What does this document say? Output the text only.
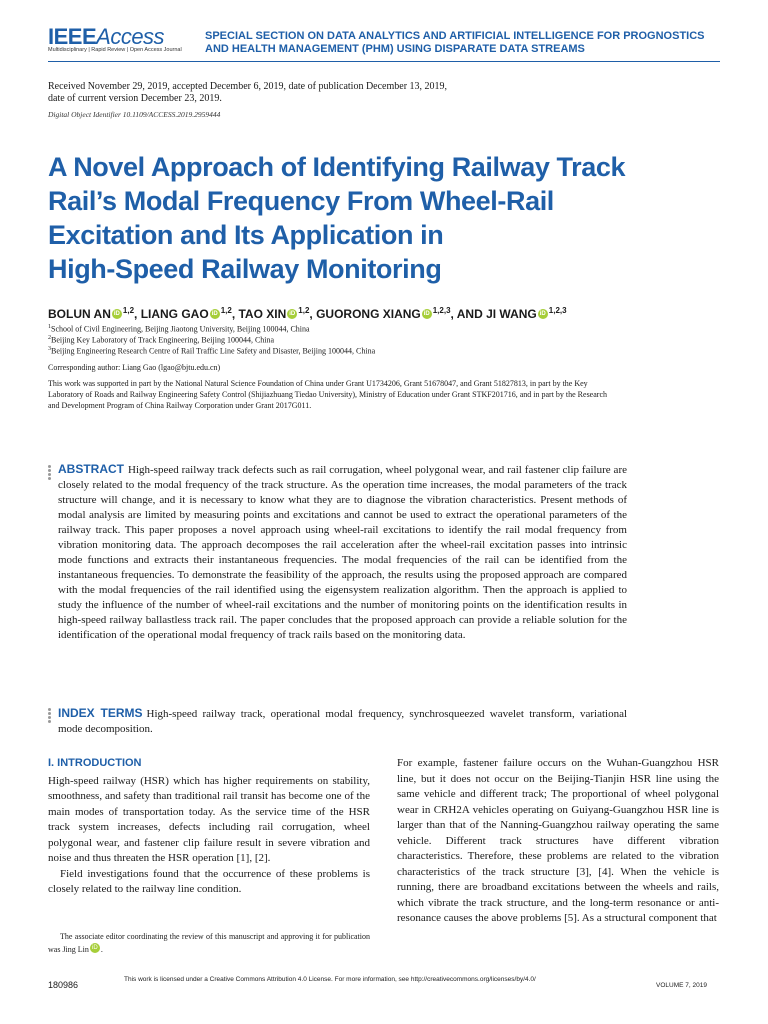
IEEEAccess
Multidisciplinary | Rapid Review | Open Access Journal
SPECIAL SECTION ON DATA ANALYTICS AND ARTIFICIAL INTELLIGENCE FOR PROGNOSTICS
AND HEALTH MANAGEMENT (PHM) USING DISPARATE DATA STREAMS
Received November 29, 2019, accepted December 6, 2019, date of publication December 13, 2019,
date of current version December 23, 2019.
Digital Object Identifier 10.1109/ACCESS.2019.2959444
A Novel Approach of Identifying Railway Track
Rail’s Modal Frequency From Wheel-Rail
Excitation and Its Application in
High-Speed Railway Monitoring
BOLUN AN iD $^{1,2}$, LIANG GAO iD $^{1,2}$, TAO XIN iD $^{1,2}$, GUORONG XIANG iD $^{1,2,3}$, AND JI WANG iD $^{1,2,3}$
$^1$School of Civil Engineering, Beijing Jiaotong University, Beijing 100044, China
$^2$Beijing Key Laboratory of Track Engineering, Beijing 100044, China
$^3$Beijing Engineering Research Centre of Rail Traffic Line Safety and Disaster, Beijing 100044, China
Corresponding author: Liang Gao (lgao@bjtu.edu.cn)
This work was supported in part by the National Natural Science Foundation of China under Grant U1734206, Grant 51678047, and Grant 51827813, in part by the Key Laboratory of Roads and Railway Engineering Safety Control (Shijiazhuang Tiedao University), Ministry of Education under Grant STKF201716, and in part by the Research and Development Program of China Railway Corporation under Grant 2017G011.
ABSTRACT High-speed railway track defects such as rail corrugation, wheel polygonal wear, and rail fastener clip failure are closely related to the modal frequency of the track structure. As the operation time increases, the modal parameters of the track structure will change, and it is necessary to know what they are to diagnose the vibration characteristics. Present methods of modal analysis are limited by measuring points and excitations and cannot be used to extract the operational parameters of the railway track. This paper proposes a novel approach using wheel-rail excitations to identify the rail modal frequency from vibration monitoring data. The approach decomposes the rail acceleration after the wheel-rail excitation passes into intrinsic mode functions and extracts their instantaneous frequencies. The modal frequencies of the rail can be identified from the instantaneous frequencies. To demonstrate the feasibility of the approach, the results using the proposed approach are compared with the modal frequencies of the rail identified using the eigensystem realization algorithm. Then the approach is applied to study the influence of the number of wheel-rail excitations and the number of monitoring points on the identification results in high-speed railway ballastless track rail. The paper concludes that the proposed approach can provide a reliable solution for the identification of the operational modal frequency of track rails based on the monitoring data.
INDEX TERMS High-speed railway track, operational modal frequency, synchrosqueezed wavelet transform, variational mode decomposition.
I. INTRODUCTION

High-speed railway (HSR) which has higher requirements on stability, smoothness, and safety than traditional rail transit has become one of the main modes of transportation today. As the service time of the HSR track system increases, defects including rail corrugation, wheel polygonal wear, and fastener clip failure result in severe vibration and noise and thus threaten the HSR operation [1], [2].

Field investigations found that the occurrence of these problems is closely related to the railway line condition.

The associate editor coordinating the review of this manuscript and approving it for publication was Jing Lin iD .

For example, fastener failure occurs on the Wuhan-Guangzhou HSR line, but it does not occur on the Beijing-Tianjin HSR line using the same vehicle and different track; The proportional of wheel polygonal wear in CRH2A vehicles operating on Guiyang-Guangzhou HSR line is larger than that of the Nanning-Guangzhou railway operating the same vehicle. Different track structures have different vibration characteristics. Therefore, these problems are related to the vibration characteristics of the track structure [3], [4]. When the vehicle is running, there are broadband excitations between the wheels and rails, which vibrate the track structure, and the long-term resonance or anti-resonance causes the above problems [5]. As a structural component that

180986
This work is licensed under a Creative Commons Attribution 4.0 License. For more information, see http://creativecommons.org/licenses/by/4.0/
VOLUME 7, 2019
